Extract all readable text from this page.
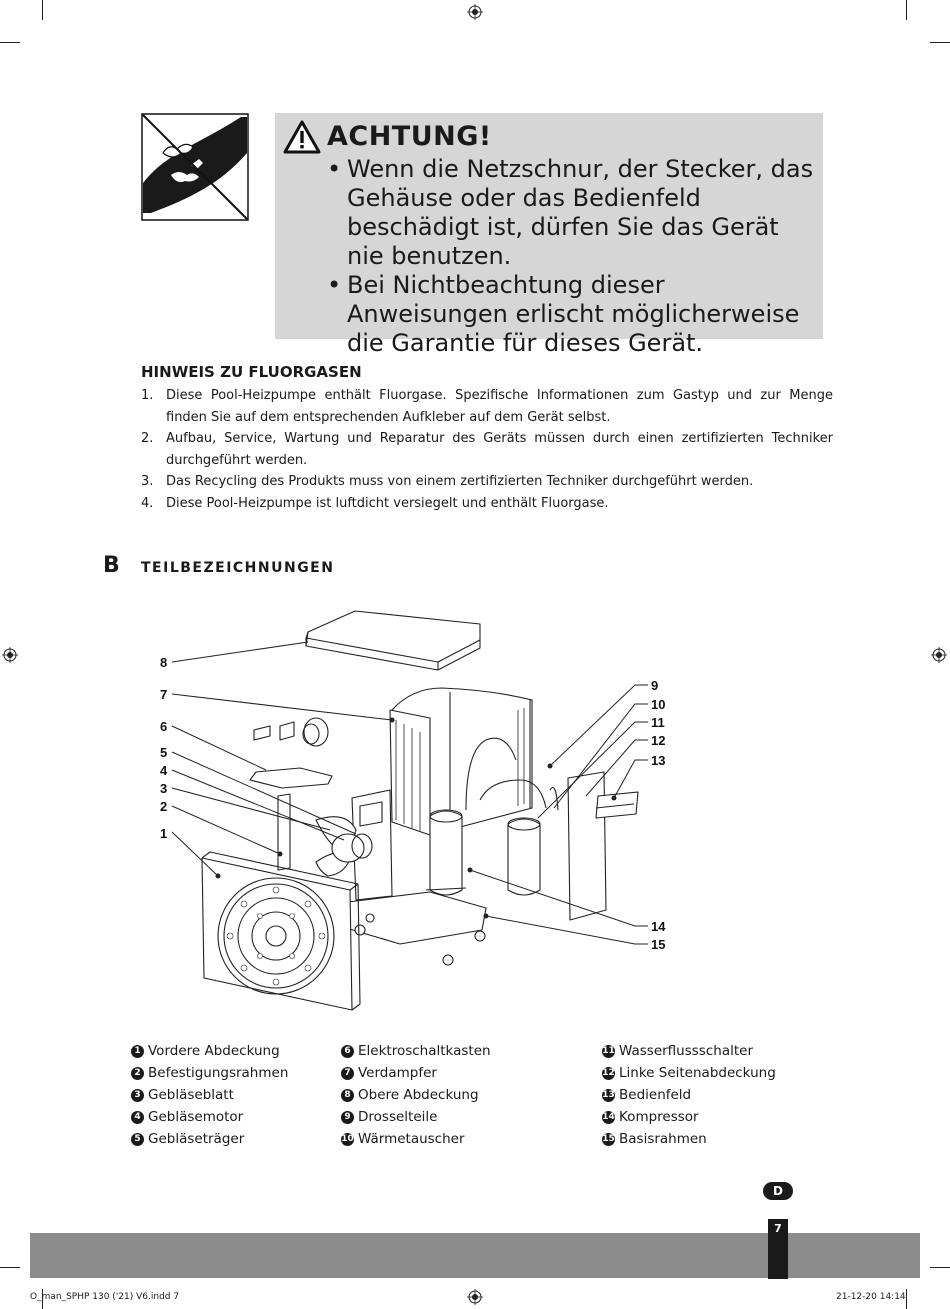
ACHTUNG!
• Wenn die Netzschnur, der Stecker, das Gehäuse oder das Bedienfeld beschädigt ist, dürfen Sie das Gerät nie benutzen.
• Bei Nichtbeachtung dieser Anweisungen erlischt möglicherweise die Garantie für dieses Gerät.
HINWEIS ZU FLUORGASEN
1. Diese Pool-Heizpumpe enthält Fluorgase. Spezifische Informationen zum Gastyp und zur Menge finden Sie auf dem entsprechenden Aufkleber auf dem Gerät selbst.
2. Aufbau, Service, Wartung und Reparatur des Geräts müssen durch einen zertifizierten Techniker durchgeführt werden.
3. Das Recycling des Produkts muss von einem zertifizierten Techniker durchgeführt werden.
4. Diese Pool-Heizpumpe ist luftdicht versiegelt und enthält Fluorgase.
B TEILBEZEICHNUNGEN
1
2
3
4
5
6
7
8
9
10
11
12
13
14
15
1 Vordere Abdeckung
2 Befestigungsrahmen
3 Gebläseblatt
4 Gebläsemotor
5 Gebläseträger
6 Elektroschaltkasten
7 Verdampfer
8 Obere Abdeckung
9 Drosselteile
10 Wärmetauscher
11 Wasserflussschalter
12 Linke Seitenabdeckung
13 Bedienfeld
14 Kompressor
15 Basisrahmen
D
7
O_man_SPHP 130 ('21) V6.indd 7	21-12-20 14:14
